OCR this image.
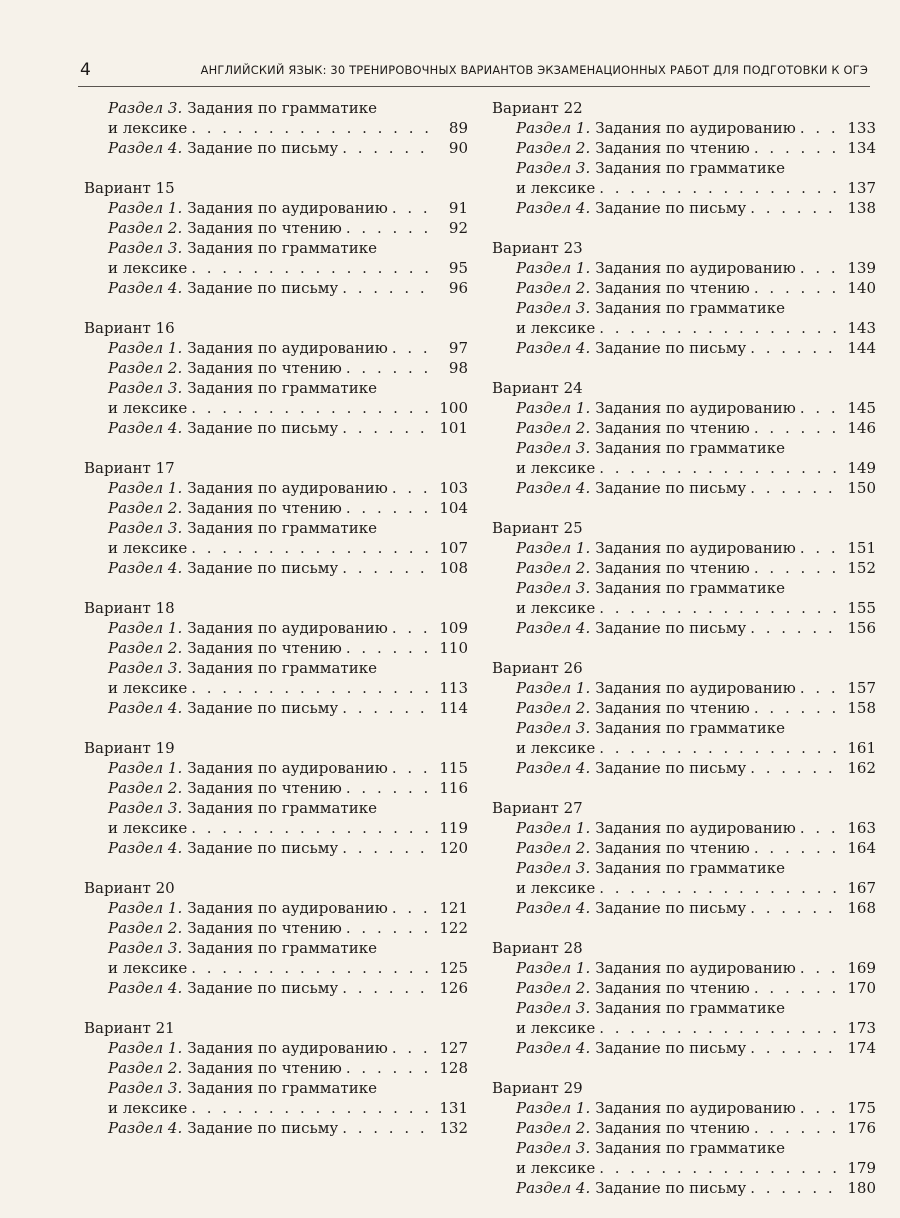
4	АНГЛИЙСКИЙ ЯЗЫК: 30 ТРЕНИРОВОЧНЫХ ВАРИАНТОВ ЭКЗАМЕНАЦИОННЫХ РАБОТ ДЛЯ ПОДГОТОВКИ К ОГЭ
Раздел 3. Задания по грамматике
и лексике . . .	89
Раздел 4. Задание по письму . . .	90
Вариант 15
Раздел 1. Задания по аудированию . . .	91
Раздел 2. Задания по чтению . . .	92
Раздел 3. Задания по грамматике
и лексике . . .	95
Раздел 4. Задание по письму . . .	96
Вариант 16
Раздел 1. Задания по аудированию . . .	97
Раздел 2. Задания по чтению . . .	98
Раздел 3. Задания по грамматике
и лексике . . .	100
Раздел 4. Задание по письму . . .	101
Вариант 17
Раздел 1. Задания по аудированию . . .	103
Раздел 2. Задания по чтению . . .	104
Раздел 3. Задания по грамматике
и лексике . . .	107
Раздел 4. Задание по письму . . .	108
Вариант 18
Раздел 1. Задания по аудированию . . .	109
Раздел 2. Задания по чтению . . .	110
Раздел 3. Задания по грамматике
и лексике . . .	113
Раздел 4. Задание по письму . . .	114
Вариант 19
Раздел 1. Задания по аудированию . . .	115
Раздел 2. Задания по чтению . . .	116
Раздел 3. Задания по грамматике
и лексике . . .	119
Раздел 4. Задание по письму . . .	120
Вариант 20
Раздел 1. Задания по аудированию . . .	121
Раздел 2. Задания по чтению . . .	122
Раздел 3. Задания по грамматике
и лексике . . .	125
Раздел 4. Задание по письму . . .	126
Вариант 21
Раздел 1. Задания по аудированию . . .	127
Раздел 2. Задания по чтению . . .	128
Раздел 3. Задания по грамматике
и лексике . . .	131
Раздел 4. Задание по письму . . .	132
Вариант 22
Раздел 1. Задания по аудированию . . .	133
Раздел 2. Задания по чтению . . .	134
Раздел 3. Задания по грамматике
и лексике . . .	137
Раздел 4. Задание по письму . . .	138
Вариант 23
Раздел 1. Задания по аудированию . . .	139
Раздел 2. Задания по чтению . . .	140
Раздел 3. Задания по грамматике
и лексике . . .	143
Раздел 4. Задание по письму . . .	144
Вариант 24
Раздел 1. Задания по аудированию . . .	145
Раздел 2. Задания по чтению . . .	146
Раздел 3. Задания по грамматике
и лексике . . .	149
Раздел 4. Задание по письму . . .	150
Вариант 25
Раздел 1. Задания по аудированию . . .	151
Раздел 2. Задания по чтению . . .	152
Раздел 3. Задания по грамматике
и лексике . . .	155
Раздел 4. Задание по письму . . .	156
Вариант 26
Раздел 1. Задания по аудированию . . .	157
Раздел 2. Задания по чтению . . .	158
Раздел 3. Задания по грамматике
и лексике . . .	161
Раздел 4. Задание по письму . . .	162
Вариант 27
Раздел 1. Задания по аудированию . . .	163
Раздел 2. Задания по чтению . . .	164
Раздел 3. Задания по грамматике
и лексике . . .	167
Раздел 4. Задание по письму . . .	168
Вариант 28
Раздел 1. Задания по аудированию . . .	169
Раздел 2. Задания по чтению . . .	170
Раздел 3. Задания по грамматике
и лексике . . .	173
Раздел 4. Задание по письму . . .	174
Вариант 29
Раздел 1. Задания по аудированию . . .	175
Раздел 2. Задания по чтению . . .	176
Раздел 3. Задания по грамматике
и лексике . . .	179
Раздел 4. Задание по письму . . .	180
